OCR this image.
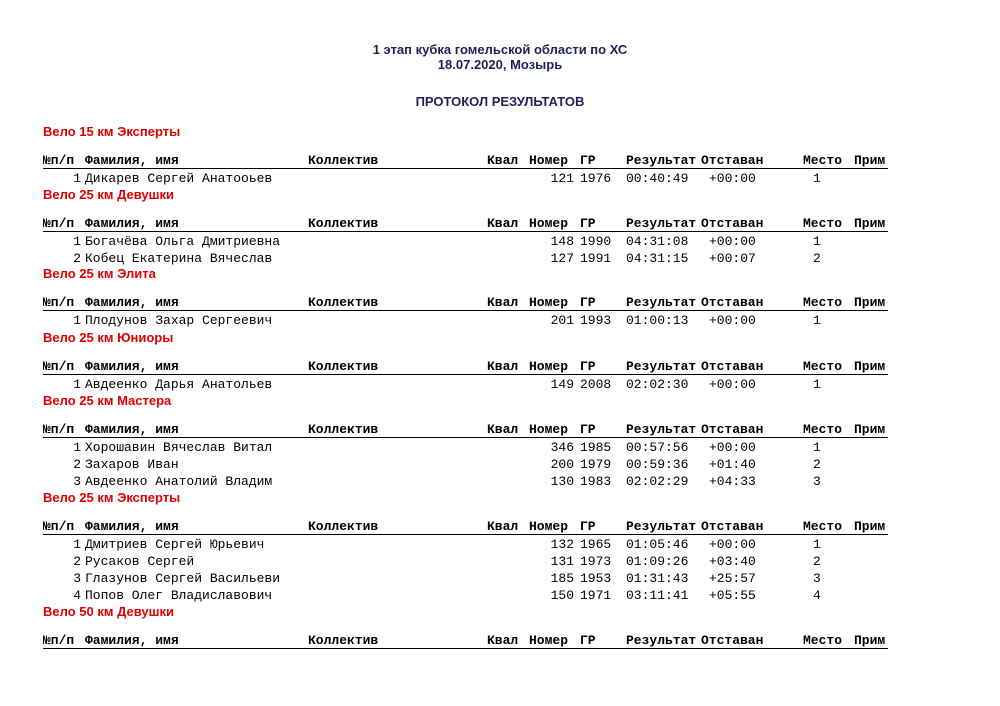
1 этап кубка гомельской области по ХС
18.07.2020, Мозырь
ПРОТОКОЛ РЕЗУЛЬТАТОВ
Вело 15 км Эксперты
№п/п Фамилия, имя	Коллектив	Квал Номер ГР Результат Отставан	Место Прим
1 Дикарев Сергей Анатооьев	121 1976 00:40:49 +00:00	1
Вело 25 км Девушки
№п/п Фамилия, имя	Коллектив	Квал Номер ГР Результат Отставан	Место Прим
1 Богачёва Ольга Дмитриевна	148 1990 04:31:08 +00:00	1
2 Кобец Екатерина Вячеслав	127 1991 04:31:15 +00:07	2
Вело 25 км Элита
№п/п Фамилия, имя	Коллектив	Квал Номер ГР Результат Отставан	Место Прим
1 Плодунов Захар Сергеевич	201 1993 01:00:13 +00:00	1
Вело 25 км Юниоры
№п/п Фамилия, имя	Коллектив	Квал Номер ГР Результат Отставан	Место Прим
1 Авдеенко Дарья Анатольев	149 2008 02:02:30 +00:00	1
Вело 25 км Мастера
№п/п Фамилия, имя	Коллектив	Квал Номер ГР Результат Отставан	Место Прим
1 Хорошавин Вячеслав Витал	346 1985 00:57:56 +00:00	1
2 Захаров Иван	200 1979 00:59:36 +01:40	2
3 Авдеенко Анатолий Владим	130 1983 02:02:29 +04:33	3
Вело 25 км Эксперты
№п/п Фамилия, имя	Коллектив	Квал Номер ГР Результат Отставан	Место Прим
1 Дмитриев Сергей Юрьевич	132 1965 01:05:46 +00:00	1
2 Русаков Сергей	131 1973 01:09:26 +03:40	2
3 Глазунов Сергей Васильеви	185 1953 01:31:43 +25:57	3
4 Попов Олег Владиславович	150 1971 03:11:41 +05:55	4
Вело 50 км Девушки
№п/п Фамилия, имя	Коллектив	Квал Номер ГР Результат Отставан	Место Прим
